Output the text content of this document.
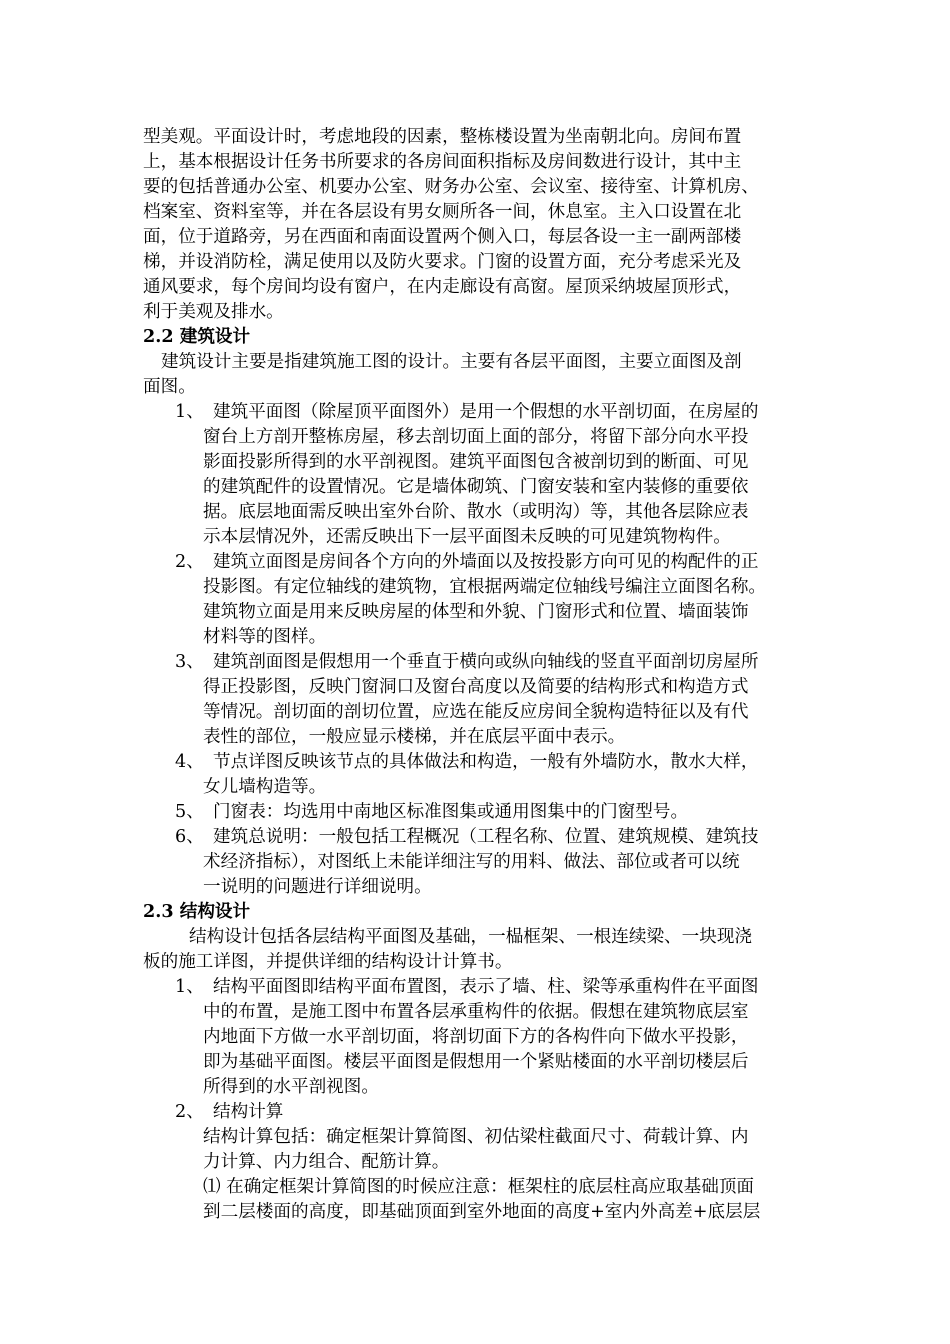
型美观。平面设计时，考虑地段的因素，整栋楼设置为坐南朝北向。房间布置
上，基本根据设计任务书所要求的各房间面积指标及房间数进行设计，其中主
要的包括普通办公室、机要办公室、财务办公室、会议室、接待室、计算机房、
档案室、资料室等，并在各层设有男女厕所各一间，休息室。主入口设置在北
面，位于道路旁，另在西面和南面设置两个侧入口，每层各设一主一副两部楼
梯，并设消防栓，满足使用以及防火要求。门窗的设置方面，充分考虑采光及
通风要求，每个房间均设有窗户，在内走廊设有高窗。屋顶采纳坡屋顶形式，
利于美观及排水。
2.2 建筑设计
建筑设计主要是指建筑施工图的设计。主要有各层平面图，主要立面图及剖
面图。
1、 建筑平面图（除屋顶平面图外）是用一个假想的水平剖切面，在房屋的
窗台上方剖开整栋房屋，移去剖切面上面的部分，将留下部分向水平投
影面投影所得到的水平剖视图。建筑平面图包含被剖切到的断面、可见
的建筑配件的设置情况。它是墙体砌筑、门窗安装和室内装修的重要依
据。底层地面需反映出室外台阶、散水（或明沟）等，其他各层除应表
示本层情况外，还需反映出下一层平面图未反映的可见建筑物构件。
2、 建筑立面图是房间各个方向的外墙面以及按投影方向可见的构配件的正
投影图。有定位轴线的建筑物，宜根据两端定位轴线号编注立面图名称。
建筑物立面是用来反映房屋的体型和外貌、门窗形式和位置、墙面装饰
材料等的图样。
3、 建筑剖面图是假想用一个垂直于横向或纵向轴线的竖直平面剖切房屋所
得正投影图，反映门窗洞口及窗台高度以及简要的结构形式和构造方式
等情况。剖切面的剖切位置，应选在能反应房间全貌构造特征以及有代
表性的部位，一般应显示楼梯，并在底层平面中表示。
4、 节点详图反映该节点的具体做法和构造，一般有外墙防水，散水大样，
女儿墙构造等。
5、 门窗表：均选用中南地区标准图集或通用图集中的门窗型号。
6、 建筑总说明：一般包括工程概况（工程名称、位置、建筑规模、建筑技
术经济指标），对图纸上未能详细注写的用料、做法、部位或者可以统
一说明的问题进行详细说明。
2.3 结构设计
结构设计包括各层结构平面图及基础，一榀框架、一根连续梁、一块现浇
板的施工详图，并提供详细的结构设计计算书。
1、 结构平面图即结构平面布置图，表示了墙、柱、梁等承重构件在平面图
中的布置，是施工图中布置各层承重构件的依据。假想在建筑物底层室
内地面下方做一水平剖切面，将剖切面下方的各构件向下做水平投影，
即为基础平面图。楼层平面图是假想用一个紧贴楼面的水平剖切楼层后
所得到的水平剖视图。
2、 结构计算
结构计算包括：确定框架计算简图、初估梁柱截面尺寸、荷载计算、内
力计算、内力组合、配筋计算。
⑴ 在确定框架计算简图的时候应注意：框架柱的底层柱高应取基础顶面
到二层楼面的高度，即基础顶面到室外地面的高度+室内外高差+底层层
